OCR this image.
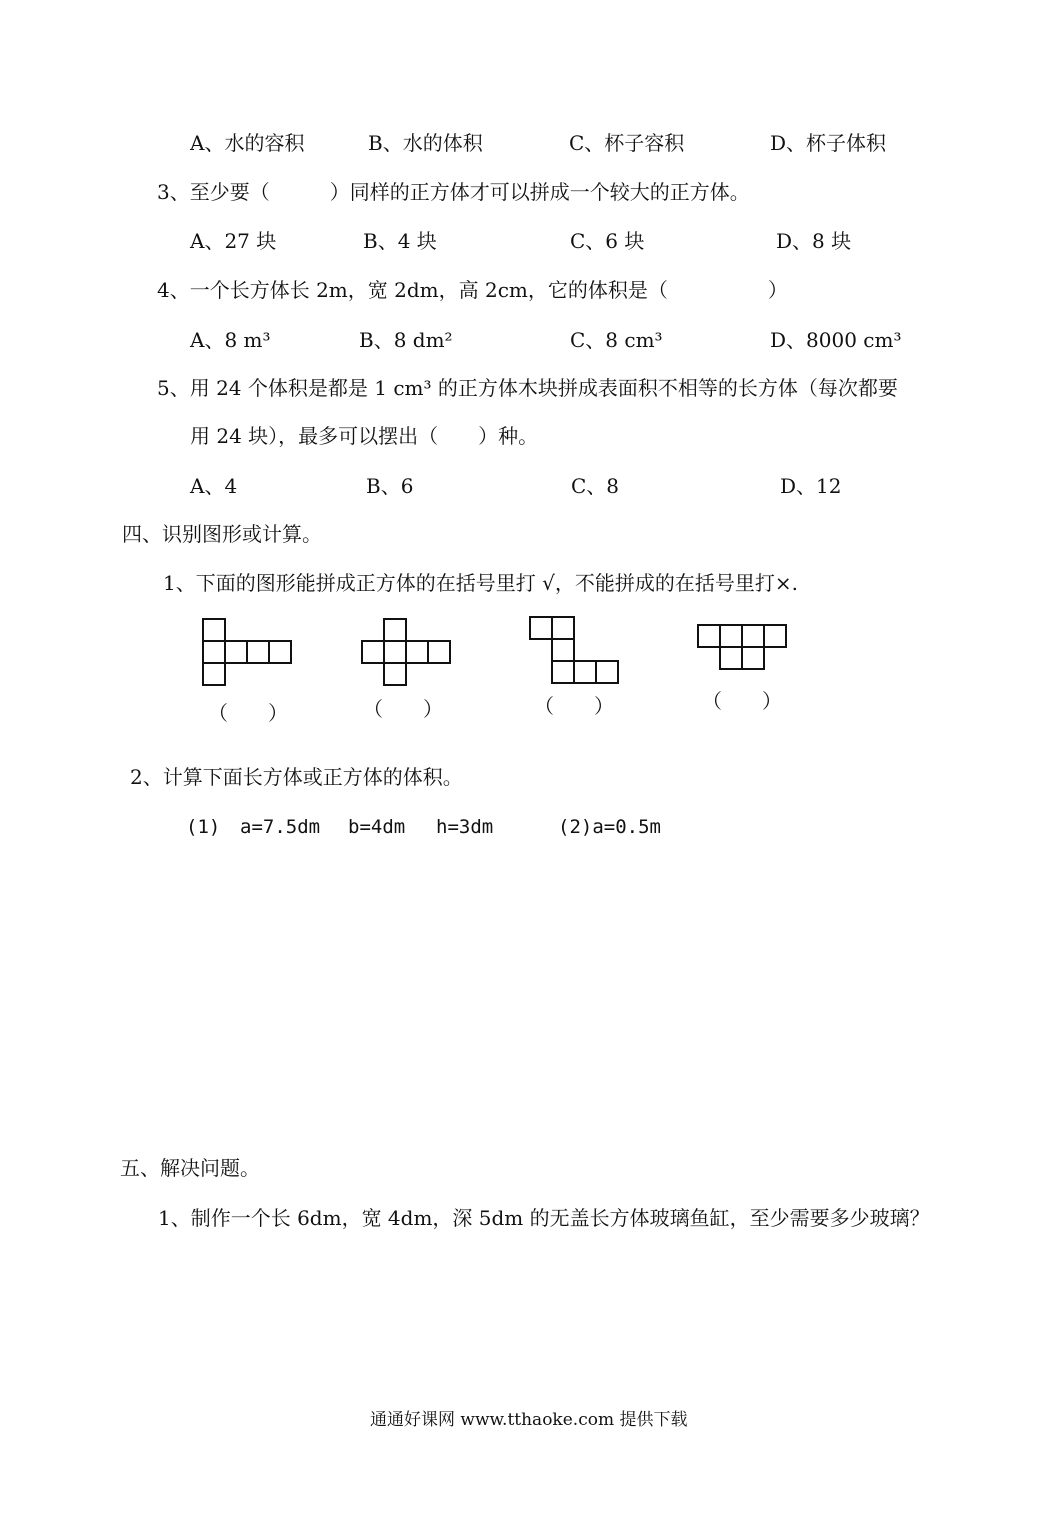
A、水的容积	B、水的体积	C、杯子容积	D、杯子体积
3、至少要（　　　）同样的正方体才可以拼成一个较大的正方体。
A、27 块	B、4 块	C、6 块	D、8 块
4、一个长方体长 2m，宽 2dm，高 2cm，它的体积是（　　　　　）
A、8 m³	B、8 dm²	C、8 cm³	D、8000 cm³
5、用 24 个体积是都是 1 cm³ 的正方体木块拼成表面积不相等的长方体（每次都要
用 24 块），最多可以摆出（　　）种。
A、4	B、6	C、8	D、12
四、识别图形或计算。
1、下面的图形能拼成正方体的在括号里打 √，不能拼成的在括号里打×.
（　　）	（　　）	（　　）	（　　）
2、计算下面长方体或正方体的体积。
(1) a=7.5dm b=4dm h=3dm	(2)a=0.5m
五、解决问题。
1、制作一个长 6dm，宽 4dm，深 5dm 的无盖长方体玻璃鱼缸，至少需要多少玻璃？
通通好课网 www.tthaoke.com 提供下载
